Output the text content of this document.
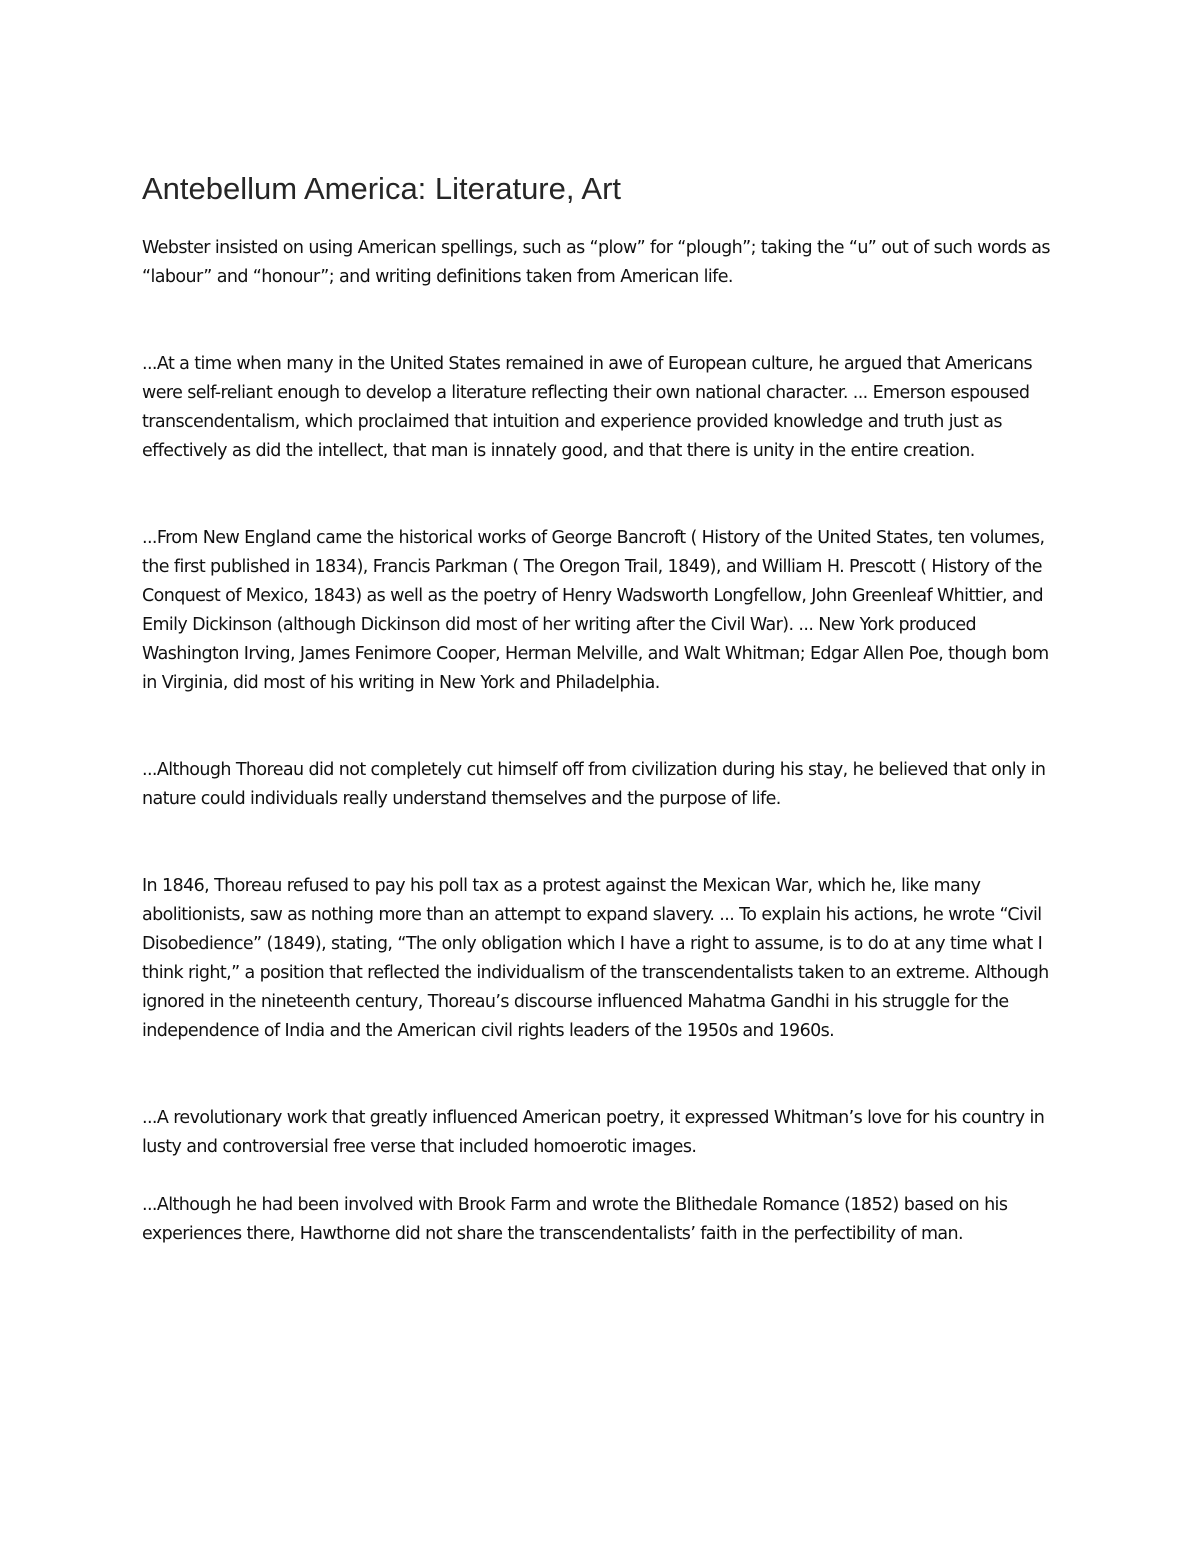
Antebellum America: Literature, Art

Webster insisted on using American spellings, such as “plow” for “plough”; taking the “u” out of such words as “labour” and “honour”; and writing definitions taken from American life.

...At a time when many in the United States remained in awe of European culture, he argued that Americans were self-reliant enough to develop a literature reflecting their own national character. ... Emerson espoused transcendentalism, which proclaimed that intuition and experience provided knowledge and truth just as effectively as did the intellect, that man is innately good, and that there is unity in the entire creation.

...From New England came the historical works of George Bancroft ( History of the United States, ten volumes, the first published in 1834), Francis Parkman ( The Oregon Trail, 1849), and William H. Prescott ( History of the Conquest of Mexico, 1843) as well as the poetry of Henry Wadsworth Longfellow, John Greenleaf Whittier, and Emily Dickinson (although Dickinson did most of her writing after the Civil War). ... New York produced Washington Irving, James Fenimore Cooper, Herman Melville, and Walt Whitman; Edgar Allen Poe, though bom in Virginia, did most of his writing in New York and Philadelphia.

...Although Thoreau did not completely cut himself off from civilization during his stay, he believed that only in nature could individuals really understand themselves and the purpose of life.

In 1846, Thoreau refused to pay his poll tax as a protest against the Mexican War, which he, like many abolitionists, saw as nothing more than an attempt to expand slavery. ... To explain his actions, he wrote “Civil Disobedience” (1849), stating, “The only obligation which I have a right to assume, is to do at any time what I think right,” a position that reflected the individualism of the transcendentalists taken to an extreme. Although ignored in the nineteenth century, Thoreau’s discourse influenced Mahatma Gandhi in his struggle for the independence of India and the American civil rights leaders of the 1950s and 1960s.

...A revolutionary work that greatly influenced American poetry, it expressed Whitman’s love for his country in lusty and controversial free verse that included homoerotic images.

...Although he had been involved with Brook Farm and wrote the Blithedale Romance (1852) based on his experiences there, Hawthorne did not share the transcendentalists’ faith in the perfectibility of man.
